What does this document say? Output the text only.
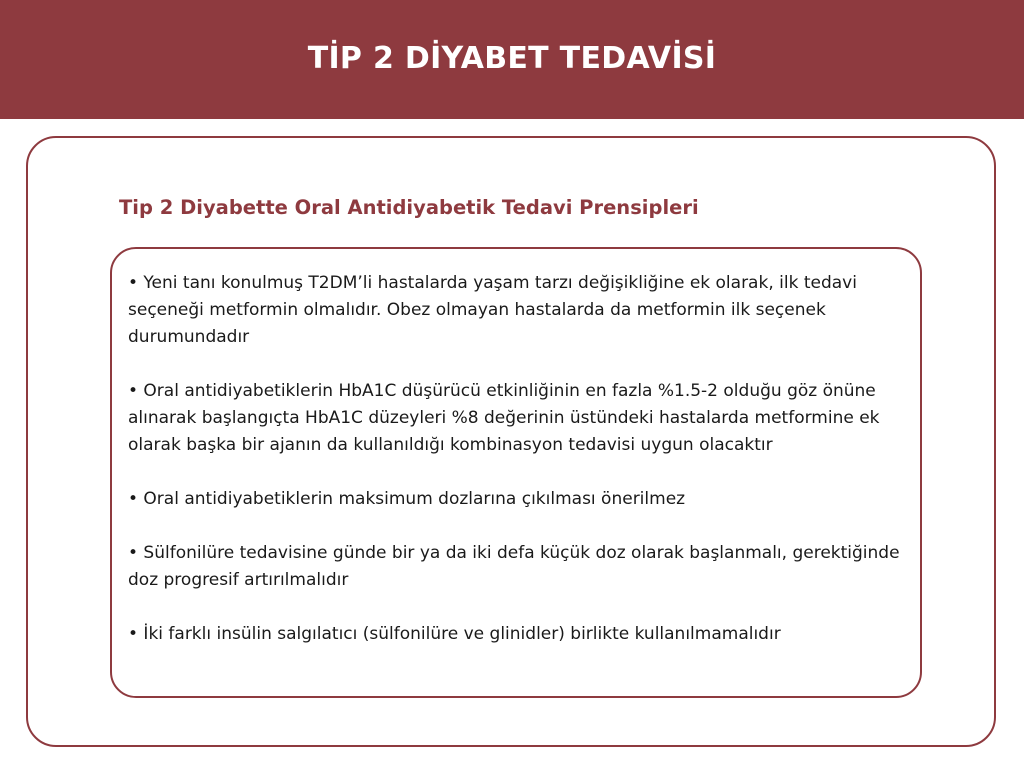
TİP 2 DİYABET TEDAVİSİ
Tip 2 Diyabette Oral Antidiyabetik Tedavi Prensipleri
• Yeni tanı konulmuş T2DM’li hastalarda yaşam tarzı değişikliğine ek olarak, ilk tedavi seçeneği metformin olmalıdır. Obez olmayan hastalarda da metformin ilk seçenek durumundadır
• Oral antidiyabetiklerin HbA1C düşürücü etkinliğinin en fazla %1.5-2 olduğu göz önüne alınarak başlangıçta HbA1C düzeyleri %8 değerinin üstündeki hastalarda metformine ek olarak başka bir ajanın da kullanıldığı kombinasyon tedavisi uygun olacaktır
• Oral antidiyabetiklerin maksimum dozlarına çıkılması önerilmez
• Sülfonilüre tedavisine günde bir ya da iki defa küçük doz olarak başlanmalı, gerektiğinde doz progresif artırılmalıdır
• İki farklı insülin salgılatıcı (sülfonilüre ve glinidler) birlikte kullanılmamalıdır
